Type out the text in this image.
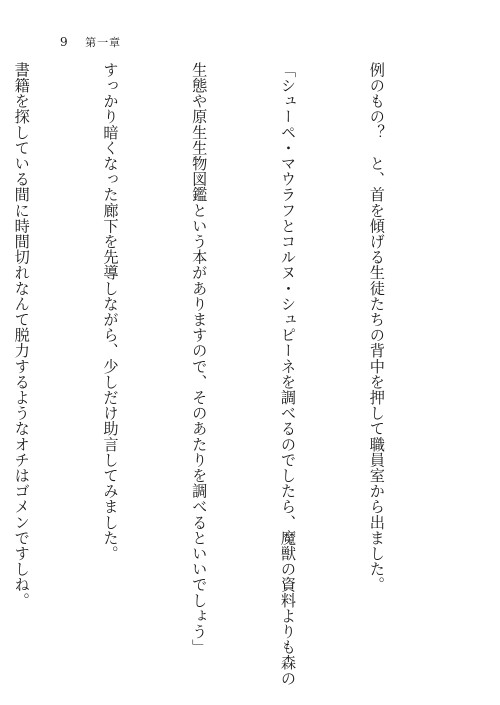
9 第一章

例のもの？　と、首を傾げる生徒たちの背中を押して職員室から出ました。

「シューペ・マウラフとコルヌ・シュピーネを調べるのでしたら、魔獣の資料よりも森の

生態や原生生物図鑑という本がありますので、そのあたりを調べるといいでしょう」

すっかり暗くなった廊下を先導しながら、少しだけ助言してみました。

書籍を探している間に時間切れなんて脱力するようなオチはゴメンですしね。
